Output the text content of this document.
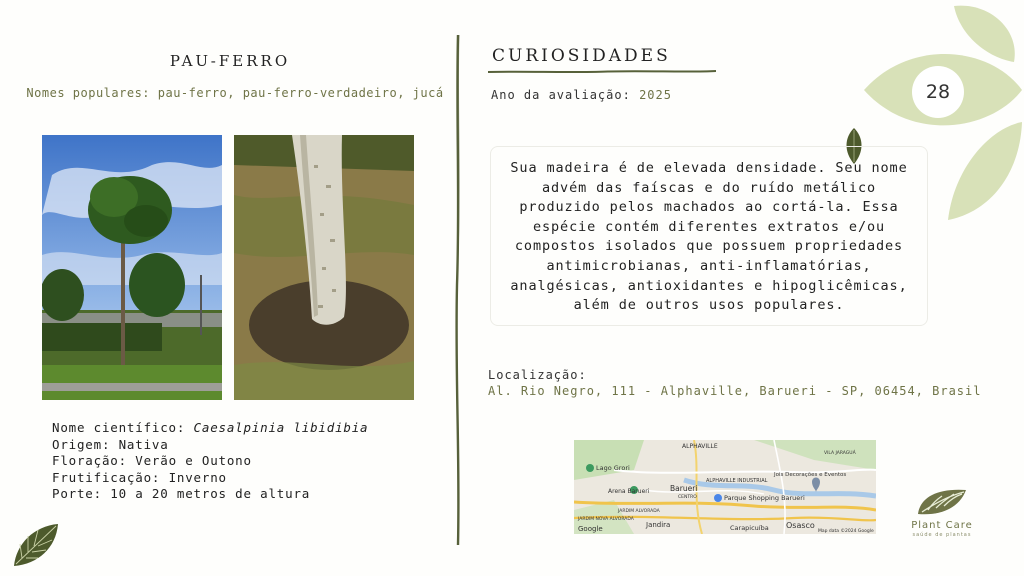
28
PAU-FERRO
Nomes populares: pau-ferro, pau-ferro-verdadeiro, jucá
Nome científico: Caesalpinia libidibia
Origem: Nativa
Floração: Verão e Outono
Frutificação: Inverno
Porte: 10 a 20 metros de altura
CURIOSIDADES
Ano da avaliação: 2025
Sua madeira é de elevada densidade. Seu nome advém das faíscas e do ruído metálico produzido pelos machados ao cortá-la. Essa espécie contém diferentes extratos e/ou compostos isolados que possuem propriedades antimicrobianas, anti-inflamatórias, analgésicas, antioxidantes e hipoglicêmicas, além de outros usos populares.
Localização:
Al. Rio Negro, 111 - Alphaville, Barueri - SP, 06454, Brasil
ALPHAVILLE
Lago Grori
Barueri
CENTRO
Arena Barueri
ALPHAVILLE INDUSTRIAL
Parque Shopping Barueri
Jois Decorações e Eventos
VILA JARAGUÁ
JARDIM ALVORADA
JARDIM NOVA ALVORADA
Jandira	Carapicuíba Osasco
Google	Map data ©2024 Google
Plant Care
saúde de plantas
